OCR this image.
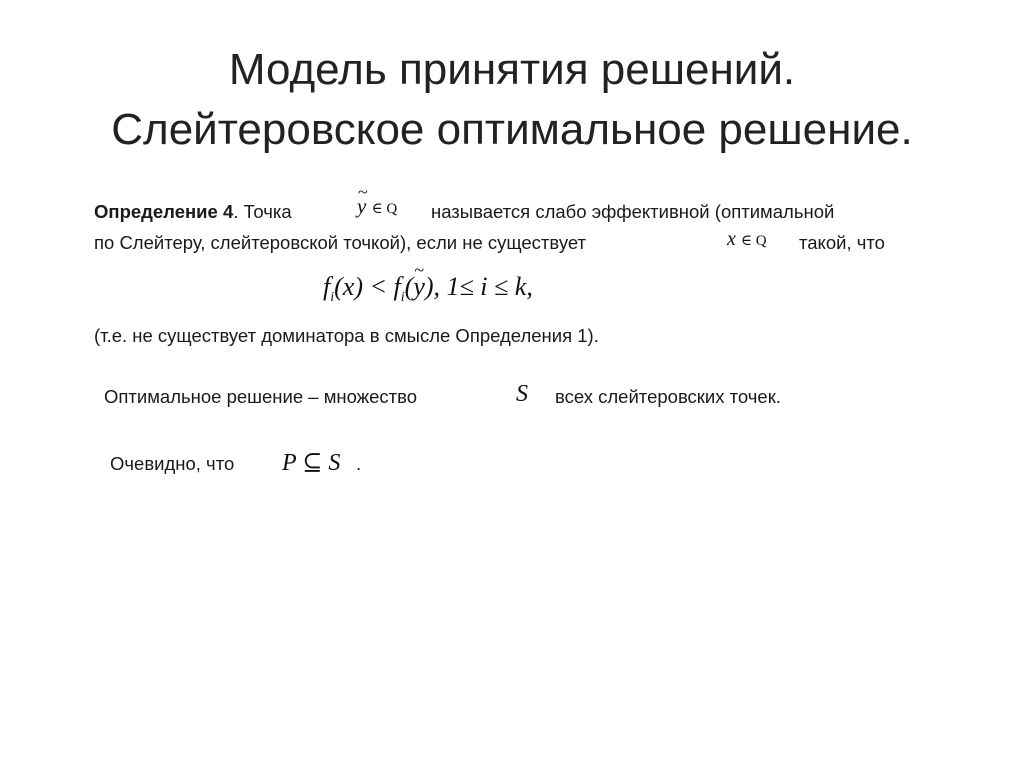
Модель принятия решений.
Слейтеровское оптимальное решение.
Определение 4. Точка
~	y ∈ Q называется слабо эффективной (оптимальной
по Слейтеру, слейтеровской точкой), если не существует	x ∈ Q такой, что
$f_i(x)$ < $f_i(\sim$ y), 1≤ i ≤ k,
(т.е. не существует доминатора в смысле Определения 1).
Оптимальное решение – множество	S всех слейтеровских точек.
Очевидно, что P ⊆ S .
